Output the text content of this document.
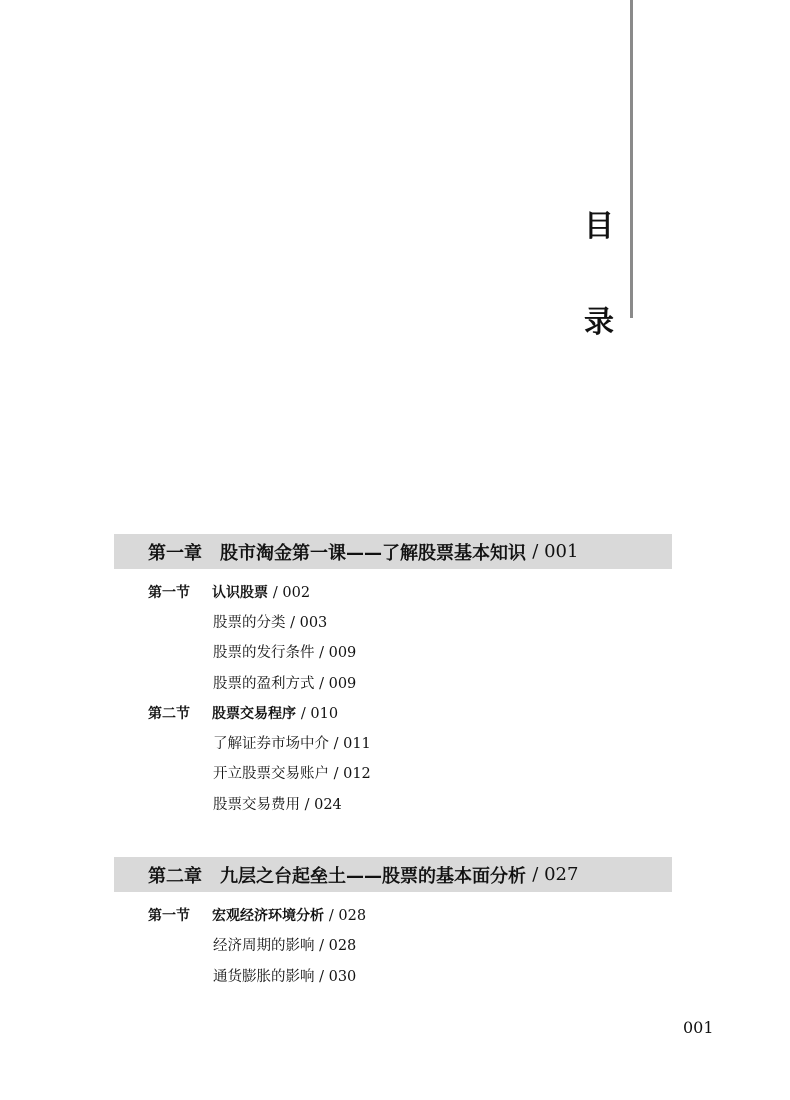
目
录
第一章 股市淘金第一课——了解股票基本知识
/ 001
第一节 认识股票 / 002
股票的分类 / 003
股票的发行条件 / 009
股票的盈利方式 / 009
第二节 股票交易程序 / 010
了解证券市场中介 / 011
开立股票交易账户 / 012
股票交易费用 / 024
第二章 九层之台起垒土——股票的基本面分析
/ 027
第一节 宏观经济环境分析 / 028
经济周期的影响 / 028
通货膨胀的影响 / 030
001
